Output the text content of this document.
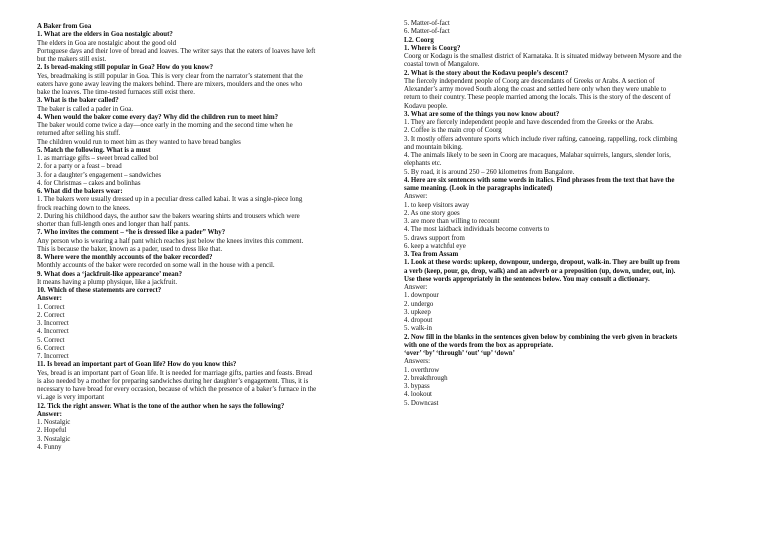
A Baker from Goa
1. What are the elders in Goa nostalgic about?
The elders in Goa are nostalgic about the good old
Portuguese days and their love of bread and loaves. The writer says that the eaters of loaves have left
but the makers still exist.
2. Is bread-making still popular in Goa? How do you know?
Yes, breadmaking is still popular in Goa. This is very clear from the narrator’s statement that the
eaters have gone away leaving the makers behind. There are mixers, moulders and the ones who
bake the loaves. The time-tested furnaces still exist there.
3. What is the baker called?
The baker is called a pader in Goa.
4. When would the baker come every day? Why did the children run to meet him?
The baker would come twice a day—once early in the morning and the second time when he
returned after selling his stuff.
The children would run to meet him as they wanted to have bread bangles
5. Match the following. What is a must
1. as marriage gifts – sweet bread called bol
2. for a party or a feast – bread
3. for a daughter’s engagement – sandwiches
4. for Christmas – cakes and bolinhas
6. What did the bakers wear:
1. The bakers were usually dressed up in a peculiar dress called kabai. It was a single-piece long
frock reaching down to the knees.
2. During his childhood days, the author saw the bakers wearing shirts and trousers which were
shorter than full-length ones and longer than half pants.
7. Who invites the comment – “he is dressed like a pader” Why?
Any person who is wearing a half pant which reaches just below the knees invites this comment.
This is because the baker, known as a pader, used to dress like that.
8. Where were the monthly accounts of the baker recorded?
Monthly accounts of the baker were recorded on some wall in the house with a pencil.
9. What does a ‘jackfruit-like appearance’ mean?
It means having a plump physique, like a jackfruit.
10. Which of these statements are correct?
Answer:
1. Correct
2. Correct
3. Incorrect
4. Incorrect
5. Correct
6. Correct
7. Incorrect
11. Is bread an important part of Goan life? How do you know this?
Yes, bread is an important part of Goan life. It is needed for marriage gifts, parties and feasts. Bread
is also needed by a mother for preparing sandwiches during her daughter’s engagement. Thus, it is
necessary to have bread for every occasion, because of which the presence of a baker’s furnace in the
vi..age is very important
12. Tick the right answer. What is the tone of the author when he says the following?
Answer:
1. Nostalgic
2. Hopeful
3. Nostalgic
4. Funny
5. Matter-of-fact
6. Matter-of-fact
L2. Coorg
1. Where is Coorg?
Coorg or Kodagu is the smallest district of Karnataka. It is situated midway between Mysore and the
coastal town of Mangalore.
2. What is the story about the Kodavu people’s descent?
The fiercely independent people of Coorg are descendants of Greeks or Arabs. A section of
Alexander’s army moved South along the coast and settled here only when they were unable to
return to their country. These people married among the locals. This is the story of the descent of
Kodavu people.
3. What are some of the things you now know about?
1. They are fiercely independent people and have descended from the Greeks or the Arabs.
2. Coffee is the main crop of Coorg
3. It mostly offers adventure sports which include river rafting, canoeing, rappelling, rock climbing
and mountain biking.
4. The animals likely to be seen in Coorg are macaques, Malabar squirrels, langurs, slender loris,
elephants etc.
5. By road, it is around 250 – 260 kilometres from Bangalore.
4. Here are six sentences with some words in italics. Find phrases from the text that have the
same meaning. (Look in the paragraphs indicated)
Answer:
1. to keep visitors away
2. As one story goes
3. are more than willing to recount
4. The most laidback individuals become converts to
5. draws support from
6. keep a watchful eye
3. Tea from Assam
1. Look at these words: upkeep, downpour, undergo, dropout, walk-in. They are built up from
a verb (keep, pour, go, drop, walk) and an adverb or a preposition (up, down, under, out, in).
Use these words appropriately in the sentences below. You may consult a dictionary.
Answer:
1. downpour
2. undergo
3. upkeep
4. dropout
5. walk-in
2. Now fill in the blanks in the sentences given below by combining the verb given in brackets
with one of the words from the box as appropriate.
‘over’ ‘by’ ‘through’ ‘out’ ‘up’ ‘down’
Answers:
1. overthrow
2. breakthrough
3. bypass
4. lookout
5. Downcast
